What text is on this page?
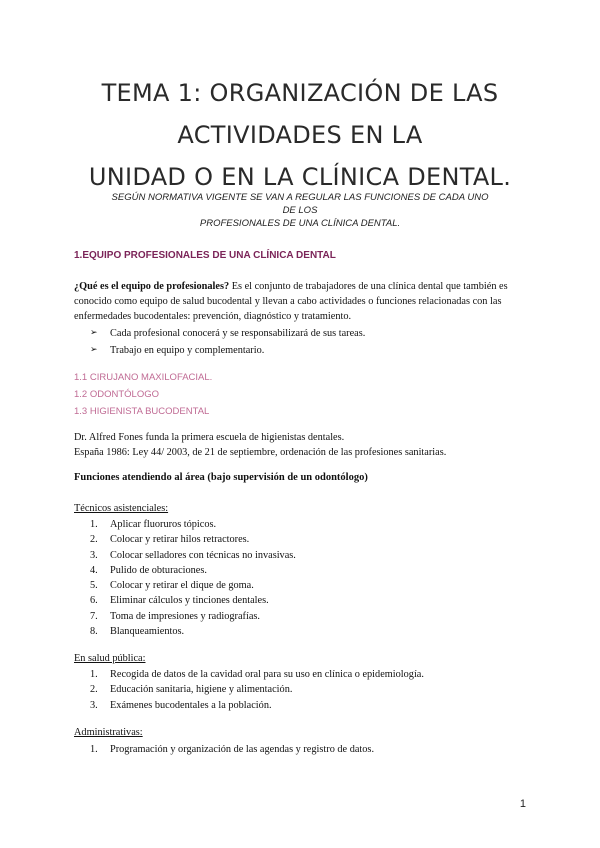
TEMA 1: ORGANIZACIÓN DE LAS ACTIVIDADES EN LA
UNIDAD O EN LA CLÍNICA DENTAL.
SEGÚN NORMATIVA VIGENTE SE VAN A REGULAR LAS FUNCIONES DE CADA UNO DE LOS
PROFESIONALES DE UNA CLÍNICA DENTAL.
1.EQUIPO PROFESIONALES DE UNA CLÍNICA DENTAL
¿Qué es el equipo de profesionales? Es el conjunto de trabajadores de una clínica dental que también es conocido como equipo de salud bucodental y llevan a cabo actividades o funciones relacionadas con las enfermedades bucodentales: prevención, diagnóstico y tratamiento.
➢ Cada profesional conocerá y se responsabilizará de sus tareas.
➢ Trabajo en equipo y complementario.
1.1 CIRUJANO MAXILOFACIAL.
1.2 ODONTÓLOGO
1.3 HIGIENISTA BUCODENTAL
Dr. Alfred Fones funda la primera escuela de higienistas dentales.
España 1986: Ley 44/ 2003, de 21 de septiembre, ordenación de las profesiones sanitarias.
Funciones atendiendo al área (bajo supervisión de un odontólogo)
Técnicos asistenciales:
1. Aplicar fluoruros tópicos.
2. Colocar y retirar hilos retractores.
3. Colocar selladores con técnicas no invasivas.
4. Pulido de obturaciones.
5. Colocar y retirar el dique de goma.
6. Eliminar cálculos y tinciones dentales.
7. Toma de impresiones y radiografías.
8. Blanqueamientos.
En salud pública:
1. Recogida de datos de la cavidad oral para su uso en clínica o epidemiología.
2. Educación sanitaria, higiene y alimentación.
3. Exámenes bucodentales a la población.
Administrativas:
1. Programación y organización de las agendas y registro de datos.
1
